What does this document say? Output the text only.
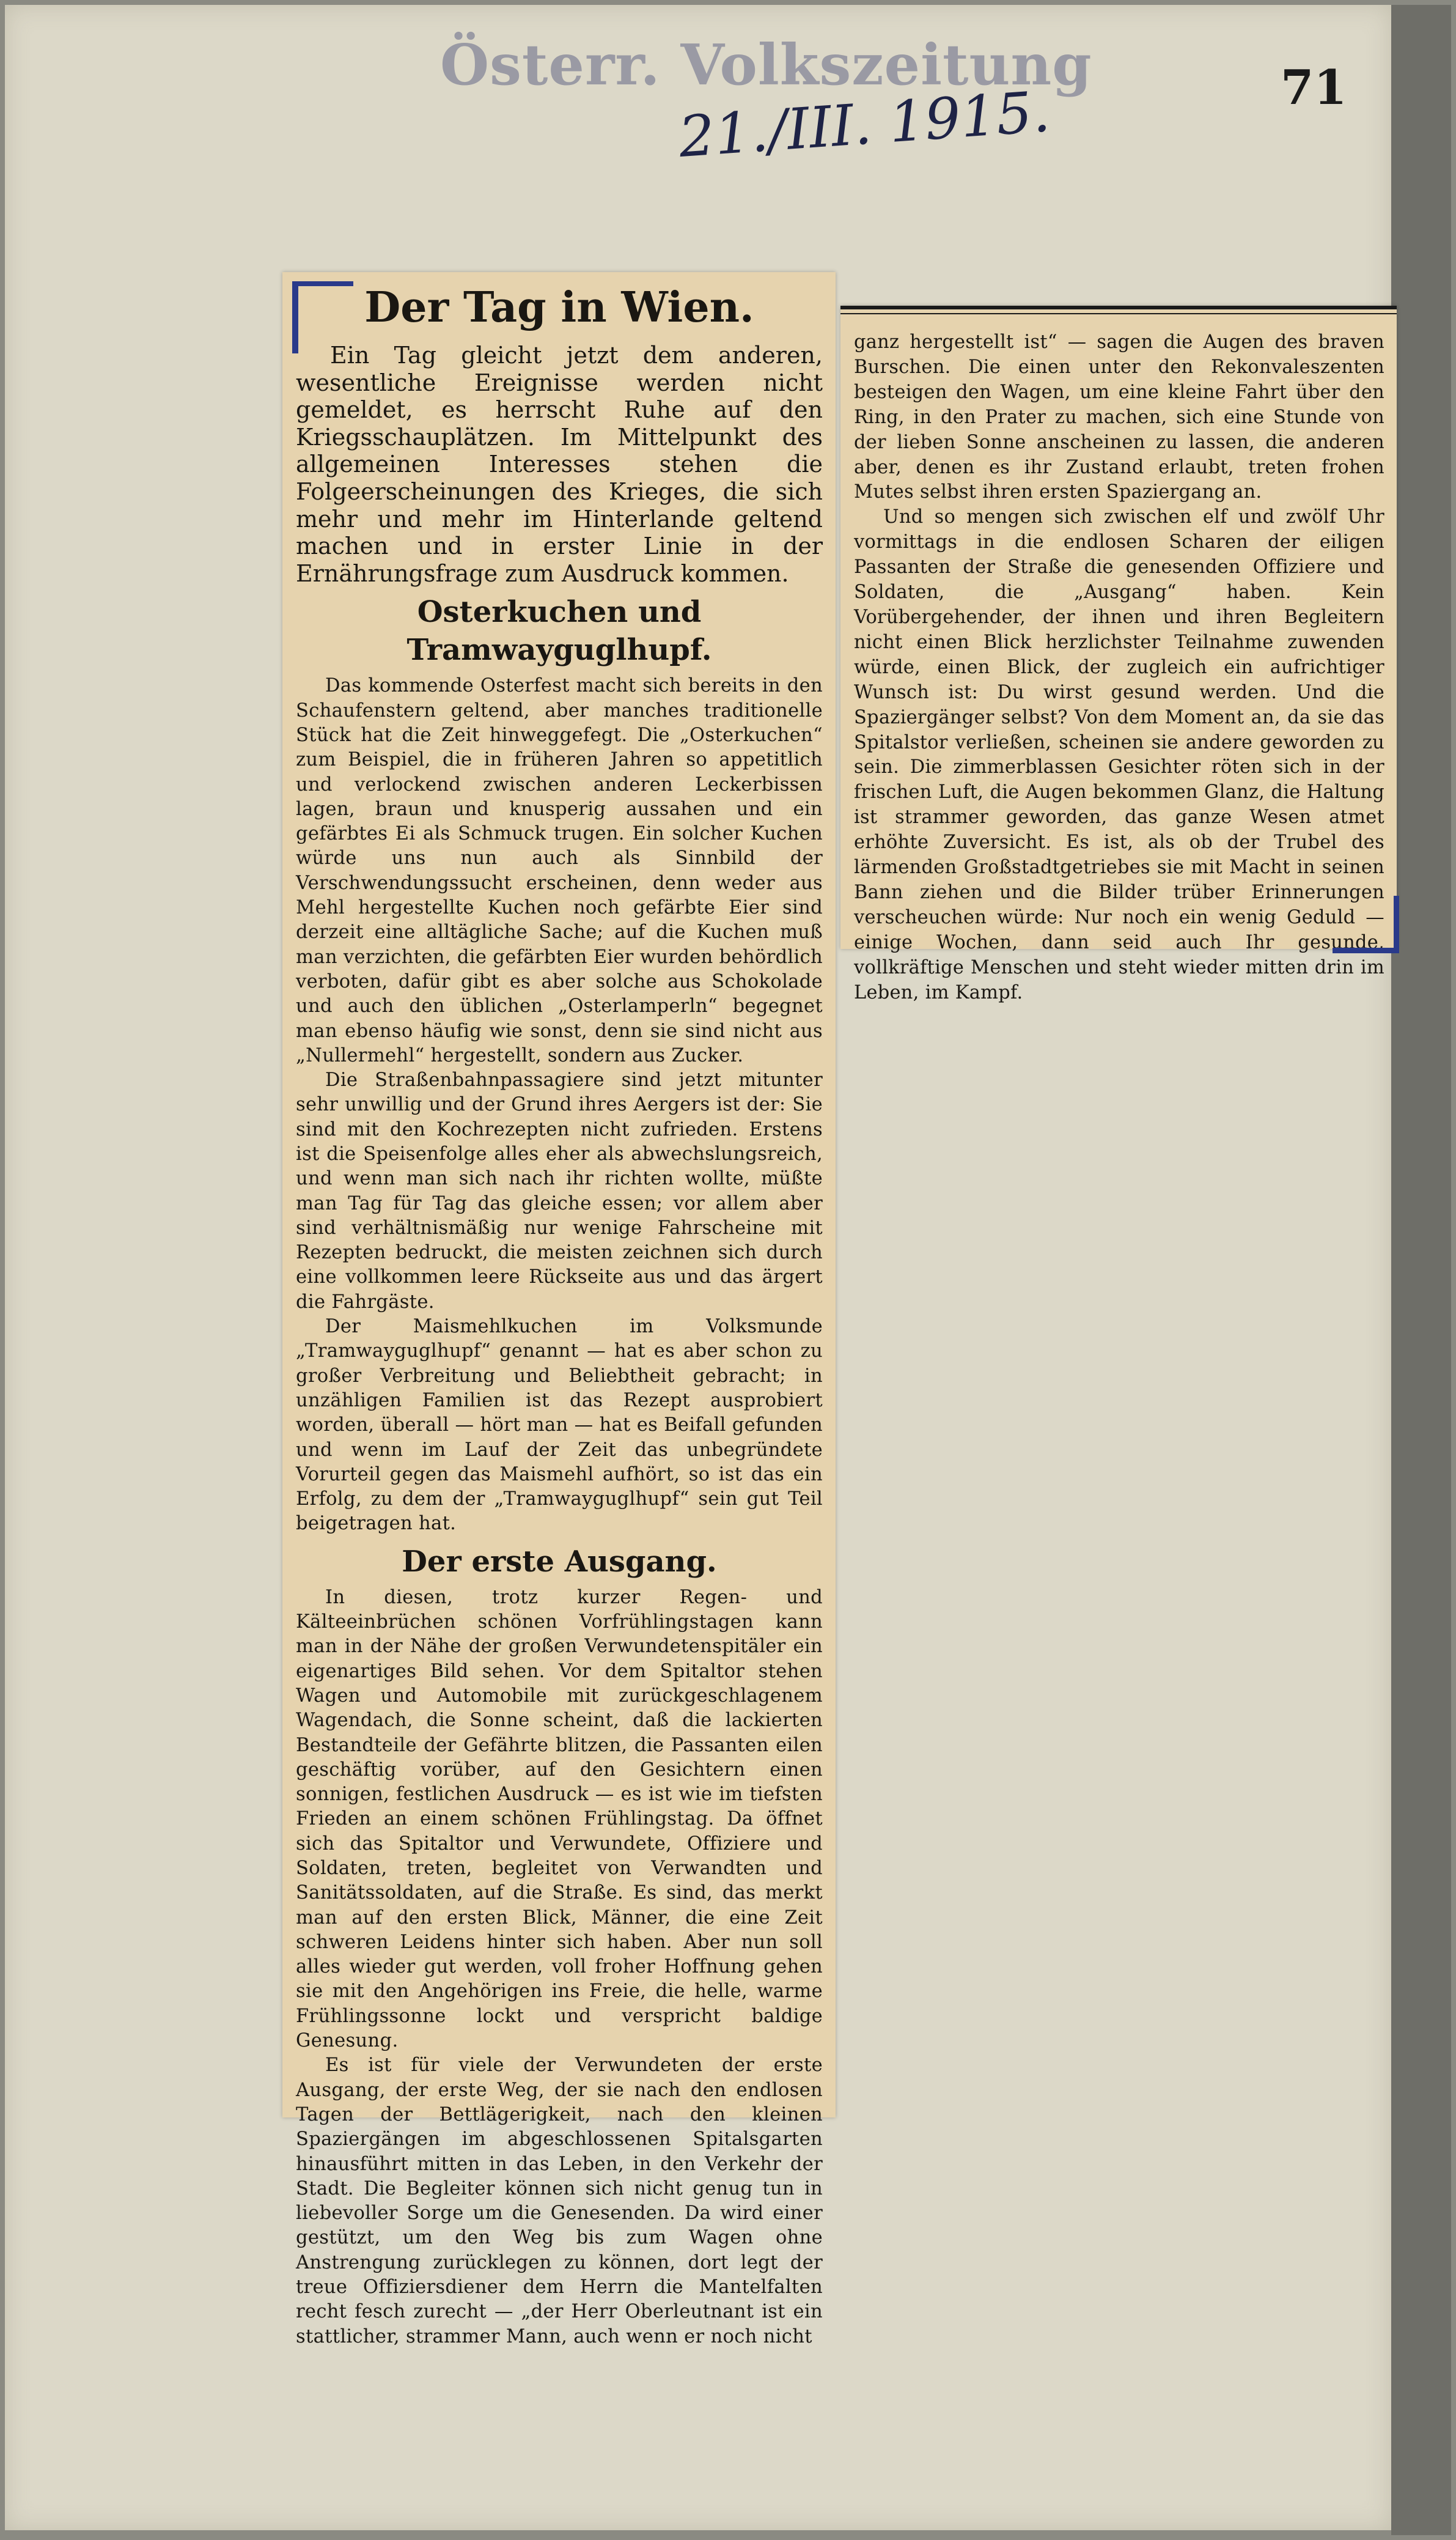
Österr. Volkszeitung
21./III. 1915.	71
Der Tag in Wien.

Ein Tag gleicht jetzt dem anderen, wesentliche Ereignisse werden nicht gemeldet, es herrscht Ruhe auf den Kriegsschauplätzen. Im Mittelpunkt des allgemeinen Interesses stehen die Folgeerscheinungen des Krieges, die sich mehr und mehr im Hinterlande geltend machen und in erster Linie in der Ernährungsfrage zum Ausdruck kommen.

Osterkuchen und Tramwayguglhupf.

Das kommende Osterfest macht sich bereits in den Schaufenstern geltend, aber manches traditionelle Stück hat die Zeit hinweggefegt. Die „Osterkuchen“ zum Beispiel, die in früheren Jahren so appetitlich und verlockend zwischen anderen Leckerbissen lagen, braun und knusperig aussahen und ein gefärbtes Ei als Schmuck trugen. Ein solcher Kuchen würde uns nun auch als Sinnbild der Verschwendungssucht erscheinen, denn weder aus Mehl hergestellte Kuchen noch gefärbte Eier sind derzeit eine alltägliche Sache; auf die Kuchen muß man verzichten, die gefärbten Eier wurden behördlich verboten, dafür gibt es aber solche aus Schokolade und auch den üblichen „Osterlamperln“ begegnet man ebenso häufig wie sonst, denn sie sind nicht aus „Nullermehl“ hergestellt, sondern aus Zucker.

Die Straßenbahnpassagiere sind jetzt mitunter sehr unwillig und der Grund ihres Aergers ist der: Sie sind mit den Kochrezepten nicht zufrieden. Erstens ist die Speisenfolge alles eher als abwechslungsreich, und wenn man sich nach ihr richten wollte, müßte man Tag für Tag das gleiche essen; vor allem aber sind verhältnismäßig nur wenige Fahrscheine mit Rezepten bedruckt, die meisten zeichnen sich durch eine vollkommen leere Rückseite aus und das ärgert die Fahrgäste.

Der Maismehlkuchen im Volksmunde „Tramwayguglhupf“ genannt — hat es aber schon zu großer Verbreitung und Beliebtheit gebracht; in unzähligen Familien ist das Rezept ausprobiert worden, überall — hört man — hat es Beifall gefunden und wenn im Lauf der Zeit das unbegründete Vorurteil gegen das Maismehl aufhört, so ist das ein Erfolg, zu dem der „Tramwayguglhupf“ sein gut Teil beigetragen hat.

Der erste Ausgang.

In diesen, trotz kurzer Regen- und Kälteeinbrüchen schönen Vorfrühlingstagen kann man in der Nähe der großen Verwundetenspitäler ein eigenartiges Bild sehen. Vor dem Spitaltor stehen Wagen und Automobile mit zurückgeschlagenem Wagendach, die Sonne scheint, daß die lackierten Bestandteile der Gefährte blitzen, die Passanten eilen geschäftig vorüber, auf den Gesichtern einen sonnigen, festlichen Ausdruck — es ist wie im tiefsten Frieden an einem schönen Frühlingstag. Da öffnet sich das Spitaltor und Verwundete, Offiziere und Soldaten, treten, begleitet von Verwandten und Sanitätssoldaten, auf die Straße. Es sind, das merkt man auf den ersten Blick, Männer, die eine Zeit schweren Leidens hinter sich haben. Aber nun soll alles wieder gut werden, voll froher Hoffnung gehen sie mit den Angehörigen ins Freie, die helle, warme Frühlingssonne lockt und verspricht baldige Genesung.

Es ist für viele der Verwundeten der erste Ausgang, der erste Weg, der sie nach den endlosen Tagen der Bettlägerigkeit, nach den kleinen Spaziergängen im abgeschlossenen Spitalsgarten hinausführt mitten in das Leben, in den Verkehr der Stadt. Die Begleiter können sich nicht genug tun in liebevoller Sorge um die Genesenden. Da wird einer gestützt, um den Weg bis zum Wagen ohne Anstrengung zurücklegen zu können, dort legt der treue Offiziersdiener dem Herrn die Mantelfalten recht fesch zurecht — „der Herr Oberleutnant ist ein stattlicher, strammer Mann, auch wenn er noch nicht

ganz hergestellt ist“ — sagen die Augen des braven Burschen. Die einen unter den Rekonvaleszenten besteigen den Wagen, um eine kleine Fahrt über den Ring, in den Prater zu machen, sich eine Stunde von der lieben Sonne anscheinen zu lassen, die anderen aber, denen es ihr Zustand erlaubt, treten frohen Mutes selbst ihren ersten Spaziergang an.

Und so mengen sich zwischen elf und zwölf Uhr vormittags in die endlosen Scharen der eiligen Passanten der Straße die genesenden Offiziere und Soldaten, die „Ausgang“ haben. Kein Vorübergehender, der ihnen und ihren Begleitern nicht einen Blick herzlichster Teilnahme zuwenden würde, einen Blick, der zugleich ein aufrichtiger Wunsch ist: Du wirst gesund werden. Und die Spaziergänger selbst? Von dem Moment an, da sie das Spitalstor verließen, scheinen sie andere geworden zu sein. Die zimmerblassen Gesichter röten sich in der frischen Luft, die Augen bekommen Glanz, die Haltung ist strammer geworden, das ganze Wesen atmet erhöhte Zuversicht. Es ist, als ob der Trubel des lärmenden Großstadtgetriebes sie mit Macht in seinen Bann ziehen und die Bilder trüber Erinnerungen verscheuchen würde: Nur noch ein wenig Geduld — einige Wochen, dann seid auch Ihr gesunde, vollkräftige Menschen und steht wieder mitten drin im Leben, im Kampf.
